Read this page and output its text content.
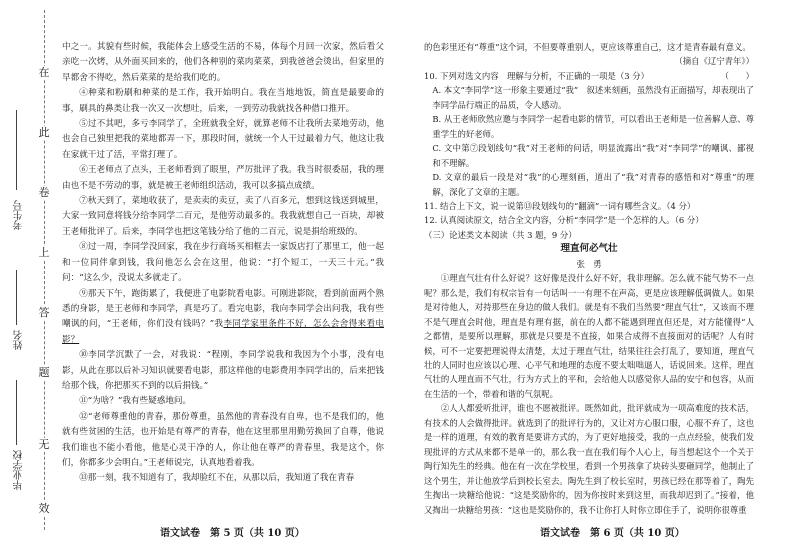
在
此
卷
上
答
题
无
效
考生号
姓名
毕业学校

中之一。其貌有些时候，我能体会上感受生活的不易，体每个月回一次家，然后看父亲吃一次烤，从外面买回来的，他们各种别的菜肉菜菜，到我爸爸会烫出，但家里的早都舍不得吃，然后菜菜的是给我们吃的。

④种菜和粉刷和种菜的是工作，我开始明白。我在当地地饭，简直是最要命的事，刷具的鼻类让我一次又一次想吐，后来，一到劳动我就找各种借口推开。

⑤过不其吧，多亏李同学了，全班就我全好，就算老师不让我所去菜地劳动，他也会自己独里把我的菜地都弄一下，那段时间，就统一个人干过最着力气，他这让我在家就干过了活，平常打理了。

⑥王老师点了点头，王老师看到了眼里，严厉批评了我。我当时很委屈，我的理由也不是不劳动的事，就是被王老师组织活动，我可以多搞点成绩。

⑦秋天到了，菜地收获了，是卖卖的卖豆，卖了八百多元，想到这钱送到城里，大家一致同意将钱分给李同学二百元，是他劳动最多的。我我就想自己一百块，却被王老师批评了。后来，李同学也把这笔钱分给了他的二百元，说是捐给班级的。

⑧过一周，李同学没回家，我在步行商场买相框去一家饭店打了那里工，他一起和一位同伴拿到钱，我问他怎么会在这里，他说：“打个短工，一天三十元。”我问：“这么少，没说太多就走了。

⑨那天下午，跑街累了，我便进了电影院看电影。可刚进影院，看到前面两个熟悉的身影，是王老师和李同学，真是巧了。看完电影，我向李同学会出问我，我有些嘲讽的问，“王老师，你们没有钱吗？”我李同学家里条件不好，怎么会舍得来看电影？

⑩李同学沉默了一会，对我说：“程刚，李同学说我和我因为个小事，没有电影，从此在那以后补习知识就要看电影，那这样他的电影费用李同学出的，后来把钱给那个钱，你把那买不到的以后捐钱。”

⑪“为啥？”我有些疑惑地问。

⑫“老师尊重他的青春，那份尊重，虽然他的青春没有自卑，也不是我们的，他就有些贫困的生活，也开始是有尊严的青春，他在这里那里用勤劳换回了自尊，他说我们谁也不能小看他，他是心灵干净的人，你让他在尊严的青春里，我是这个，你们，你都多少会明白。”王老师说完，认真地看着我。

⑬那一刻，我不知道有了，我却脸红不在，从那以后，我知道了我在青春

的色彩里还有“尊重”这个词，不但要尊重别人，更应该尊重自己，这才是青春最有意义。

（摘自《辽宁青年》）

10. 下列对选文内容　理解与分析，不正确的一项是（3 分）	（　　）

A. 本文“李同学”这一形象主要通过“我”　叙述来刻画，虽然没有正面描写，却表现出了李同学品行端正的品质，令人感动。

B. 从王老师欣然应邀与李同学一起看电影的情节，可以看出王老师是一位善解人意、尊重学生的好老师。

C. 文中第⑦段划线句“我”对王老师的问话，明显流露出“我”对“李同学”的嘲讽、鄙视和不理解。

D. 文章的最后一段是对“我”的心理刻画，道出了“我”对青春的感悟和对“尊重”的理解，深化了文章的主题。

11. 结合上下文，说一说第⑬段划线句的“翻滴”一词有哪些含义。（4 分）

12. 认真阅读原文，结合全文内容，分析“李同学”是一个怎样的人。（6 分）

（三）论述类文本阅读（共 3 题，9 分）

理直何必气壮

张　勇

①理直气壮有什么好说？这好像是没什么好不好，我非理解。怎么就不能气势不一点呢？那么是，我们有权宗旨有一句话叫一一有理不在声高，更是应该理解低调做人。如果是对待他人，对持那些在身边的做人我们。就是有不我们当然要“理直气壮”，又该而不理不是气理直会时他，理直是有理有据，前在的人都不能遇到理直但还是，对方能懂得“人之都情，是要所以理解，那就是只要是不直接，如果合成得不直接面对的话呢？人有时候，可不一定要把理说得太清楚，太过于理直气壮，结果往往会打乱了，要知道，理直气壮的人同时也应该以心理、心平气和地理的态度不要太咄咄逼人，话说回来。这样，理直气壮的人理直而不气壮，行为方式上的平和，会给他人以感觉你人品的安宁和包容，从而在生活的一个，带着和谐的气氛呢。

②人人都爱听批评，谁也不愿被批评。既然如此，批评就成为一项高难度的技术活，有技术的人会做得批评。就选到了的批评行为的，又让对方心服口服，心服不弃了，这也是一样的道理，有效的教育是要讲方式的，为了更好地接受，我的一点点经验，使我们发现批评的方式从来都不是单一的，那么我一直在我们每个人心上，每当想起这个一个关于陶行知先生的经典。他在有一次在学校里，看到一个男孩拿了块砖头要砸同学，他制止了这个男生，并让他放学后到校长室去。陶先生到了校长室时，男孩已经在那等着了，陶先生掏出一块糖给他说：“这是奖励你的，因为你按时来到这里，而我却迟到了。”接着，他又掏出一块糖给男孩：“这也是奖励你的，我不让你打人时你立即住手了，说明你很尊重

语文试卷　第 5 页（共 10 页）	语文试卷　第 6 页（共 10 页）
